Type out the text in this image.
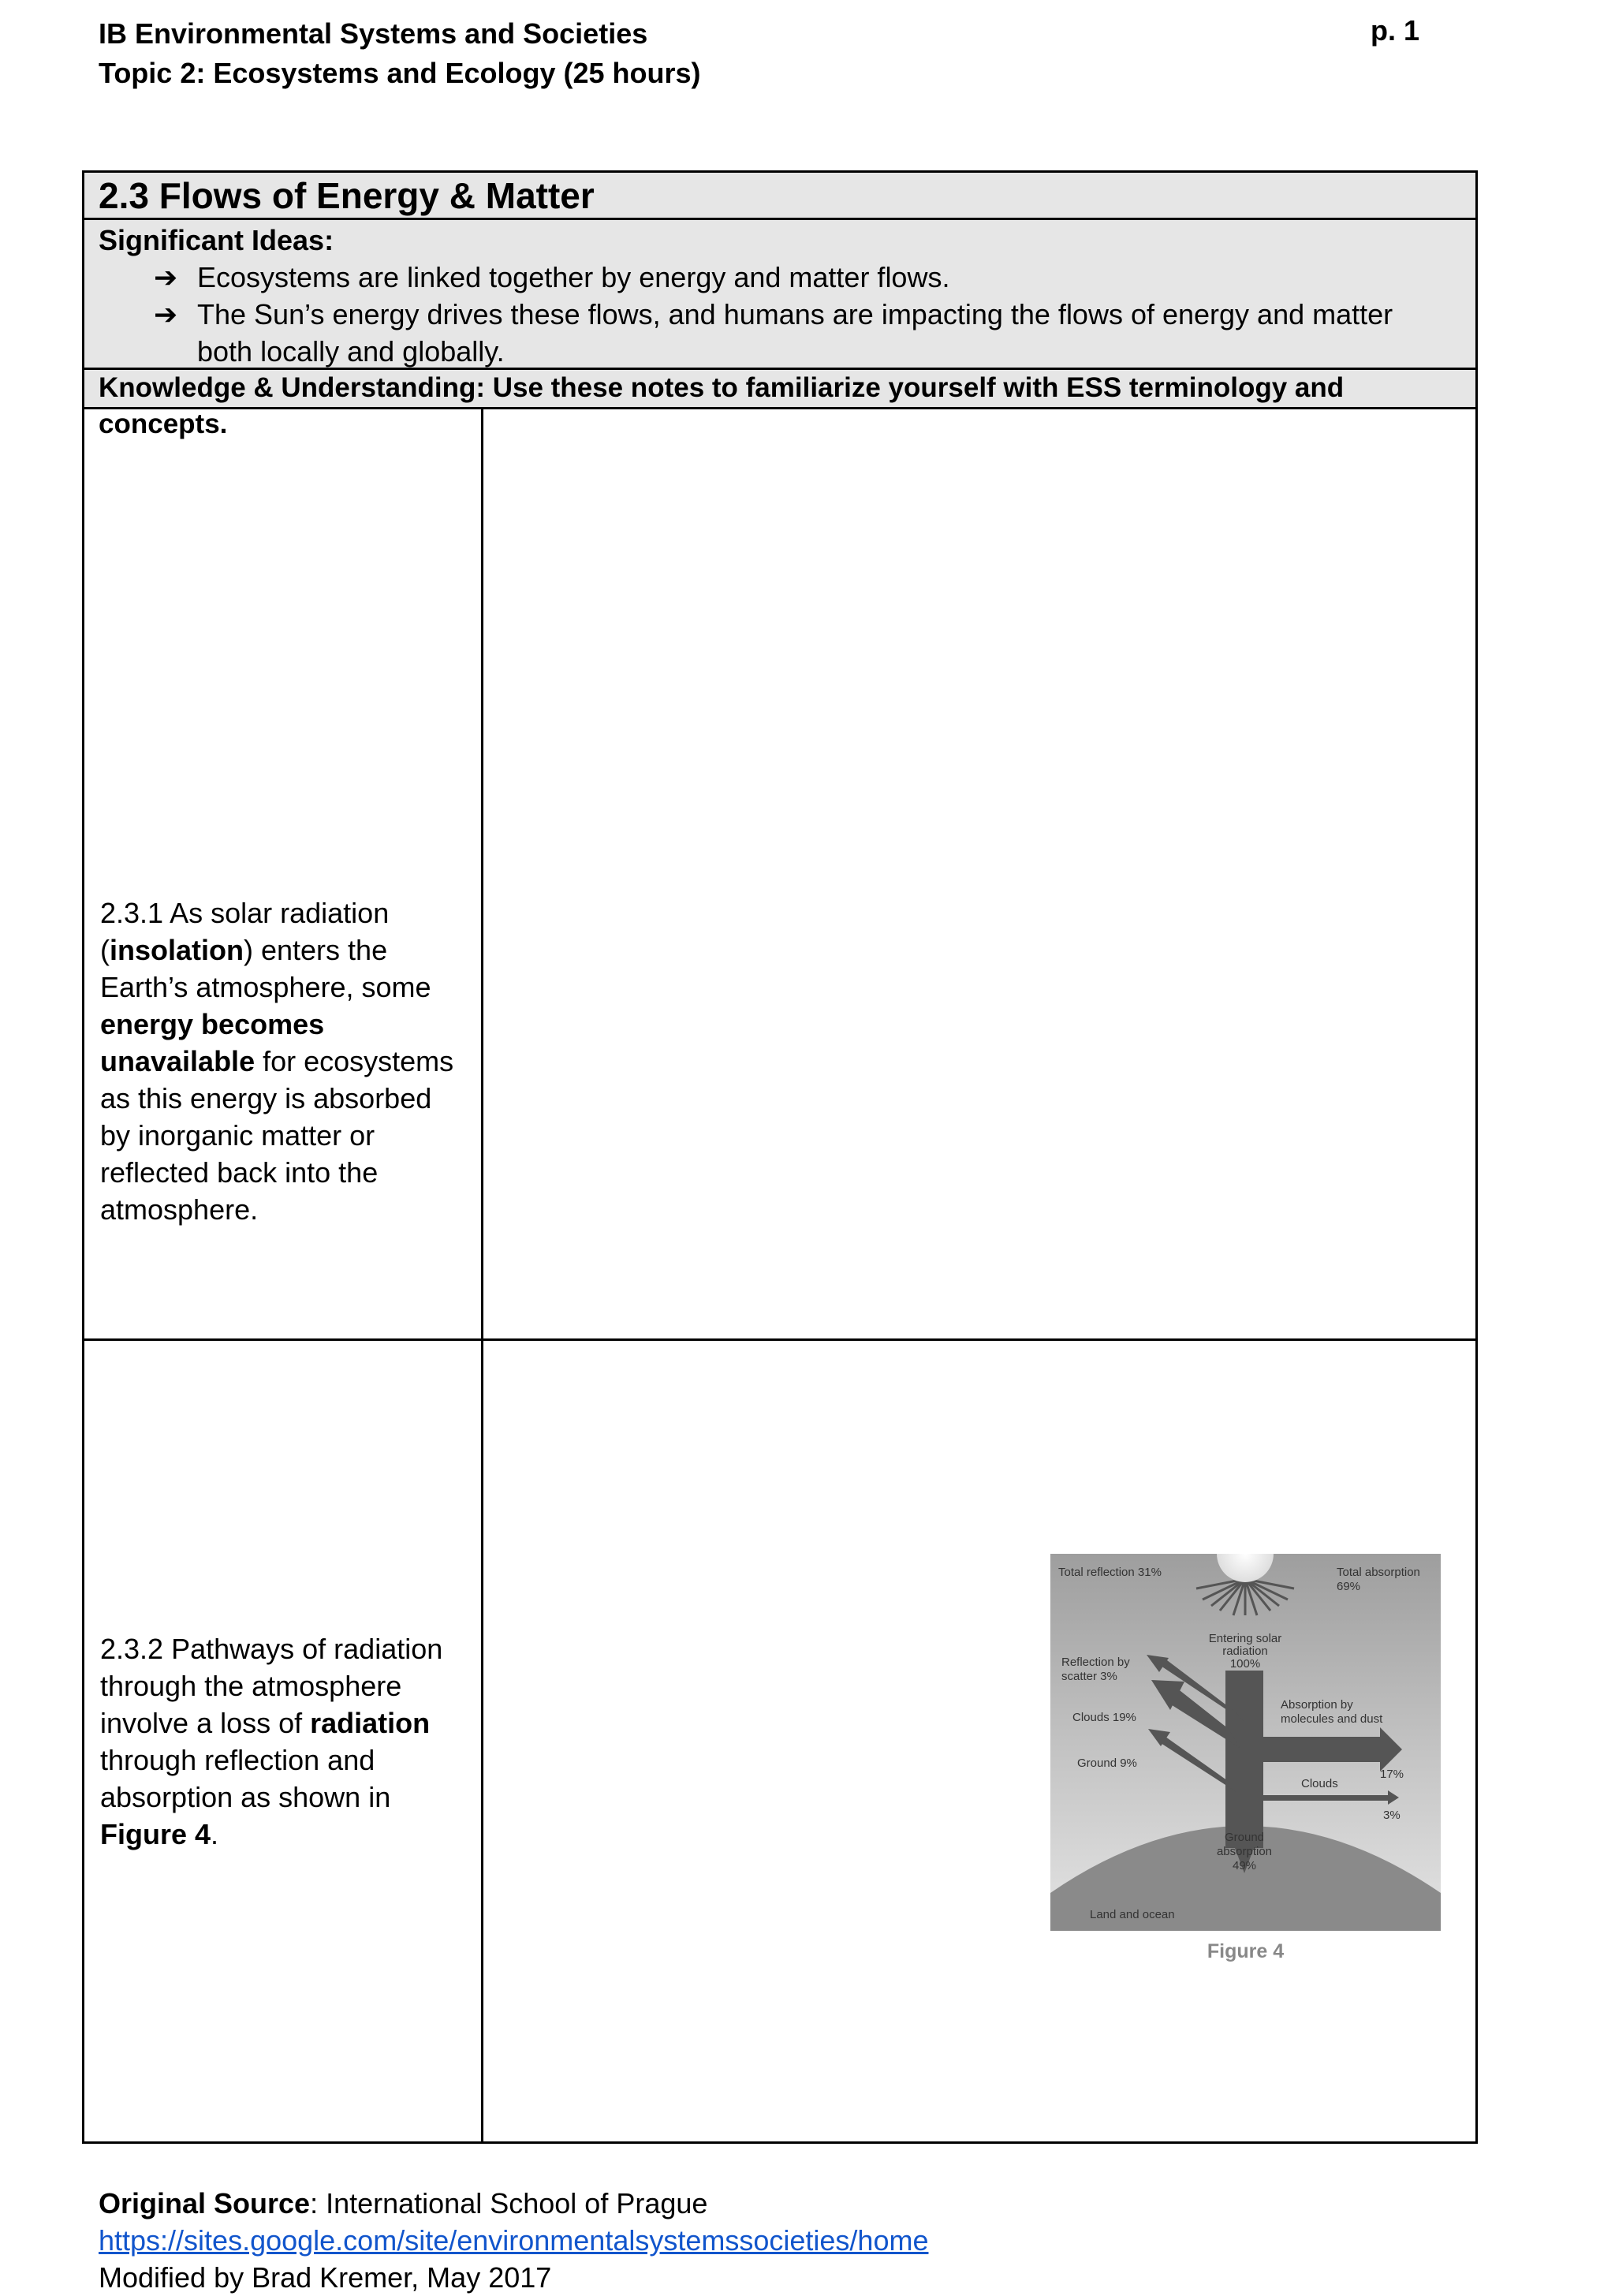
IB Environmental Systems and Societies
Topic 2: Ecosystems and Ecology (25 hours)
p. 1
2.3 Flows of Energy & Matter
Significant Ideas:
➔ Ecosystems are linked together by energy and matter flows.
➔ The Sun’s energy drives these flows, and humans are impacting the flows of energy and matter both locally and globally.
Knowledge & Understanding: Use these notes to familiarize yourself with ESS terminology and concepts.
2.3.1 As solar radiation (insolation) enters the Earth’s atmosphere, some energy becomes unavailable for ecosystems as this energy is absorbed by inorganic matter or reflected back into the atmosphere.
2.3.2 Pathways of radiation through the atmosphere involve a loss of radiation through reflection and absorption as shown in Figure 4.
Total reflection 31%	Total absorption
69%
Entering solar
radiation
100%
Reflection by
scatter 3%
Clouds 19%
Ground 9%
Absorption by
molecules and dust
17%
Clouds
3%
Ground
absorption
49%
Land and ocean
Figure 4
Original Source: International School of Prague
https://sites.google.com/site/environmentalsystemssocieties/home
Modified by Brad Kremer, May 2017
